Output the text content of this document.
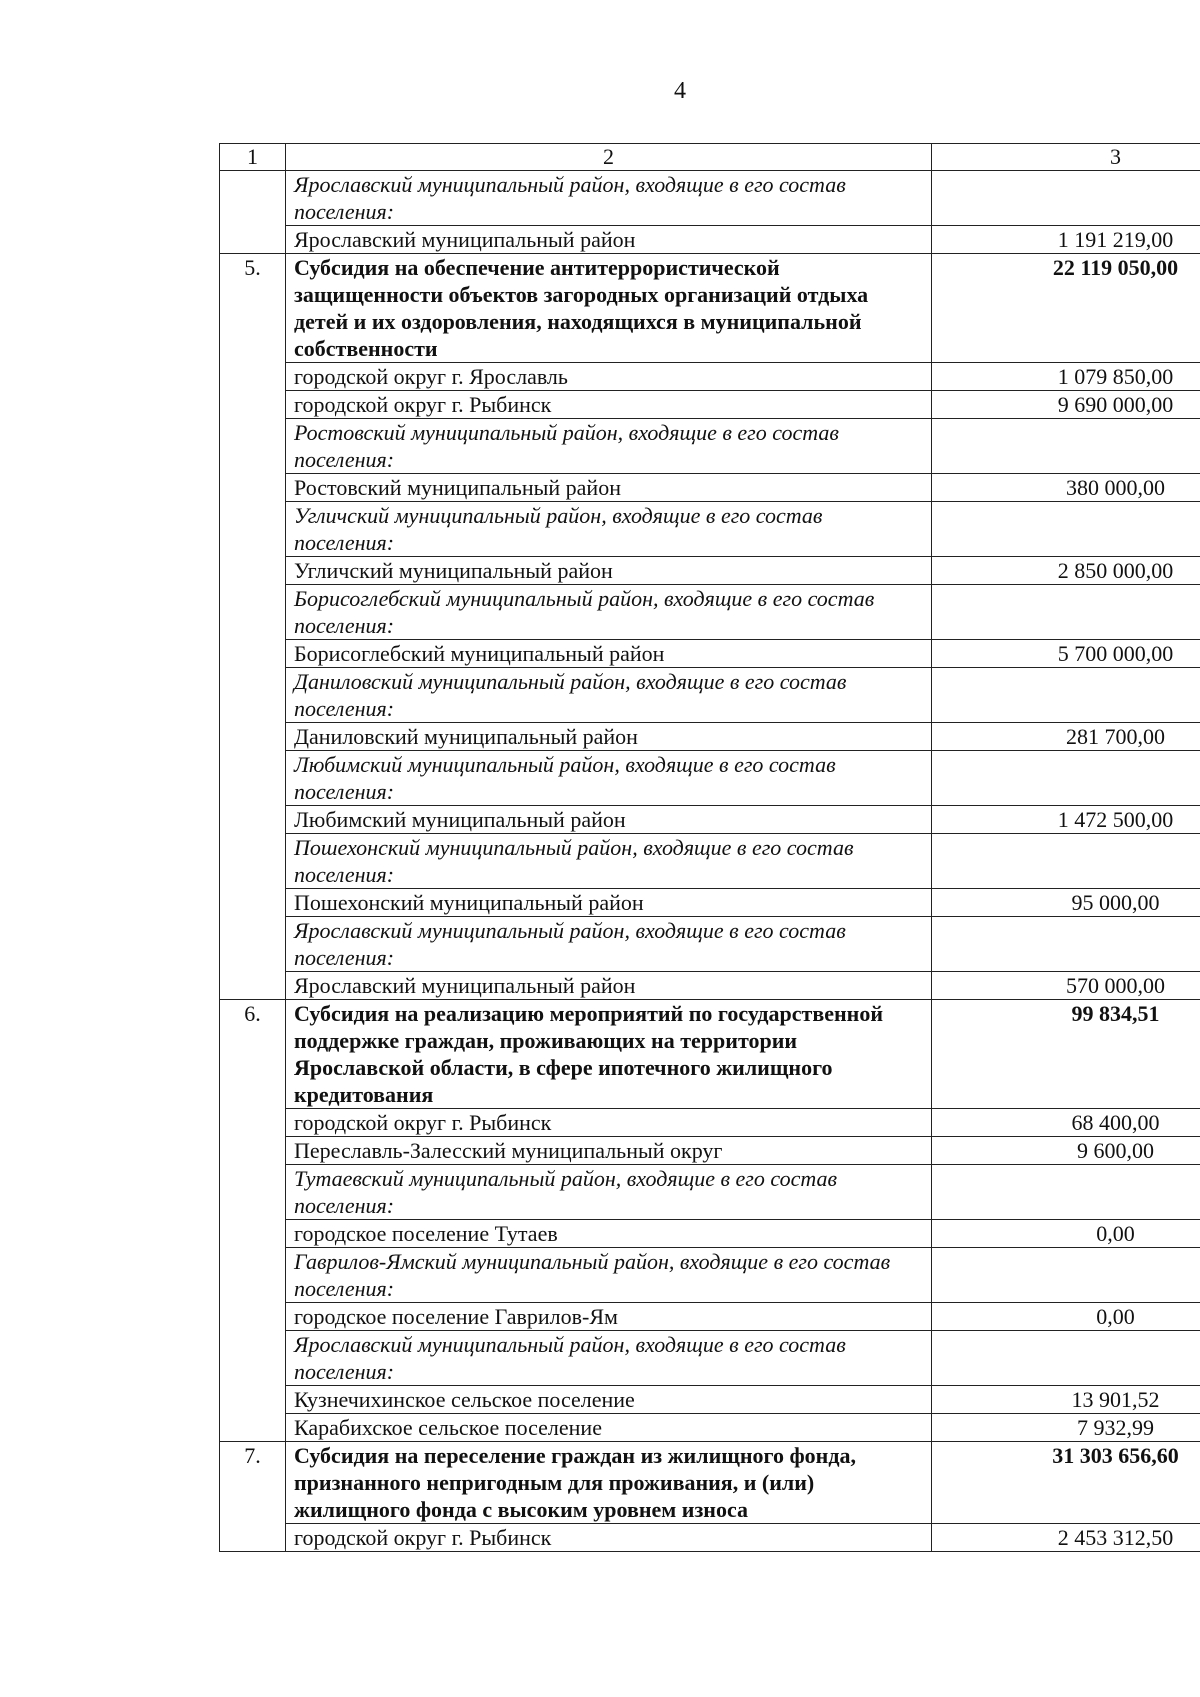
4
1	2	3
	Ярославский муниципальный район, входящие в его состав поселения:	
	Ярославский муниципальный район	1 191 219,00
5.	Субсидия на обеспечение антитеррористической защищенности объектов загородных организаций отдыха детей и их оздоровления, находящихся в муниципальной собственности	22 119 050,00
	городской округ г. Ярославль	1 079 850,00
	городской округ г. Рыбинск	9 690 000,00
	Ростовский муниципальный район, входящие в его состав поселения:	
	Ростовский муниципальный район	380 000,00
	Угличский муниципальный район, входящие в его состав поселения:	
	Угличский муниципальный район	2 850 000,00
	Борисоглебский муниципальный район, входящие в его состав поселения:	
	Борисоглебский муниципальный район	5 700 000,00
	Даниловский муниципальный район, входящие в его состав поселения:	
	Даниловский муниципальный район	281 700,00
	Любимский муниципальный район, входящие в его состав поселения:	
	Любимский муниципальный район	1 472 500,00
	Пошехонский муниципальный район, входящие в его состав поселения:	
	Пошехонский муниципальный район	95 000,00
	Ярославский муниципальный район, входящие в его состав поселения:	
	Ярославский муниципальный район	570 000,00
6.	Субсидия на реализацию мероприятий по государственной поддержке граждан, проживающих на территории Ярославской области, в сфере ипотечного жилищного кредитования	99 834,51
	городской округ г. Рыбинск	68 400,00
	Переславль-Залесский муниципальный округ	9 600,00
	Тутаевский муниципальный район, входящие в его состав поселения:	
	городское поселение Тутаев	0,00
	Гаврилов-Ямский муниципальный район, входящие в его состав поселения:	
	городское поселение Гаврилов-Ям	0,00
	Ярославский муниципальный район, входящие в его состав поселения:	
	Кузнечихинское сельское поселение	13 901,52
	Карабихское сельское поселение	7 932,99
7.	Субсидия на переселение граждан из жилищного фонда, признанного непригодным для проживания, и (или) жилищного фонда с высоким уровнем износа	31 303 656,60
	городской округ г. Рыбинск	2 453 312,50
